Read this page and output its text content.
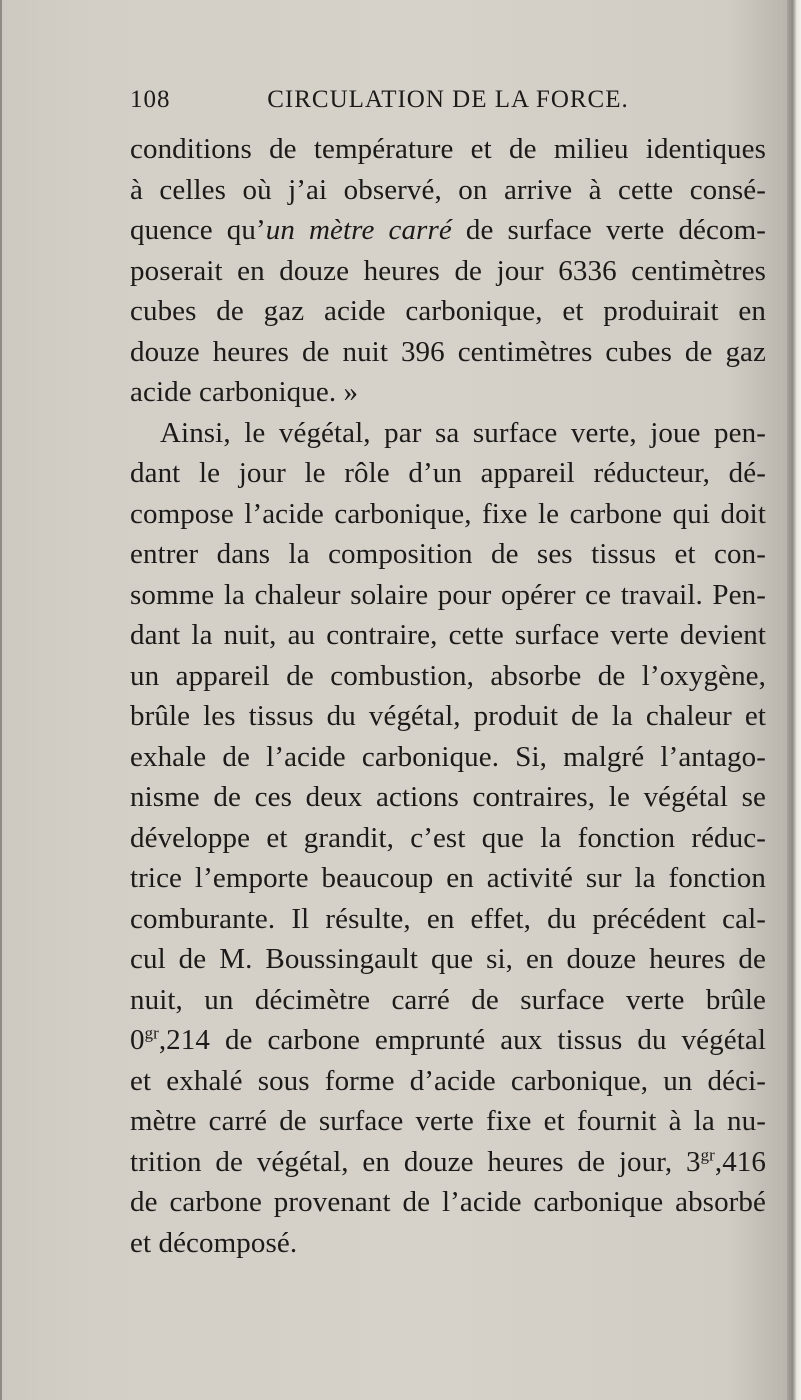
108	CIRCULATION DE LA FORCE.
conditions de température et de milieu identiques
à celles où j’ai observé, on arrive à cette consé-
quence qu’un mètre carré de surface verte décom-
poserait en douze heures de jour 6336 centimètres
cubes de gaz acide carbonique, et produirait en
douze heures de nuit 396 centimètres cubes de gaz
acide carbonique. »
Ainsi, le végétal, par sa surface verte, joue pen-
dant le jour le rôle d’un appareil réducteur, dé-
compose l’acide carbonique, fixe le carbone qui doit
entrer dans la composition de ses tissus et con-
somme la chaleur solaire pour opérer ce travail. Pen-
dant la nuit, au contraire, cette surface verte devient
un appareil de combustion, absorbe de l’oxygène,
brûle les tissus du végétal, produit de la chaleur et
exhale de l’acide carbonique. Si, malgré l’antago-
nisme de ces deux actions contraires, le végétal se
développe et grandit, c’est que la fonction réduc-
trice l’emporte beaucoup en activité sur la fonction
comburante. Il résulte, en effet, du précédent cal-
cul de M. Boussingault que si, en douze heures de
nuit, un décimètre carré de surface verte brûle
$0^{gr},214$ de carbone emprunté aux tissus du végétal
et exhalé sous forme d’acide carbonique, un déci-
mètre carré de surface verte fixe et fournit à la nu-
trition de végétal, en douze heures de jour, $3^{gr},416$
de carbone provenant de l’acide carbonique absorbé
et décomposé.
